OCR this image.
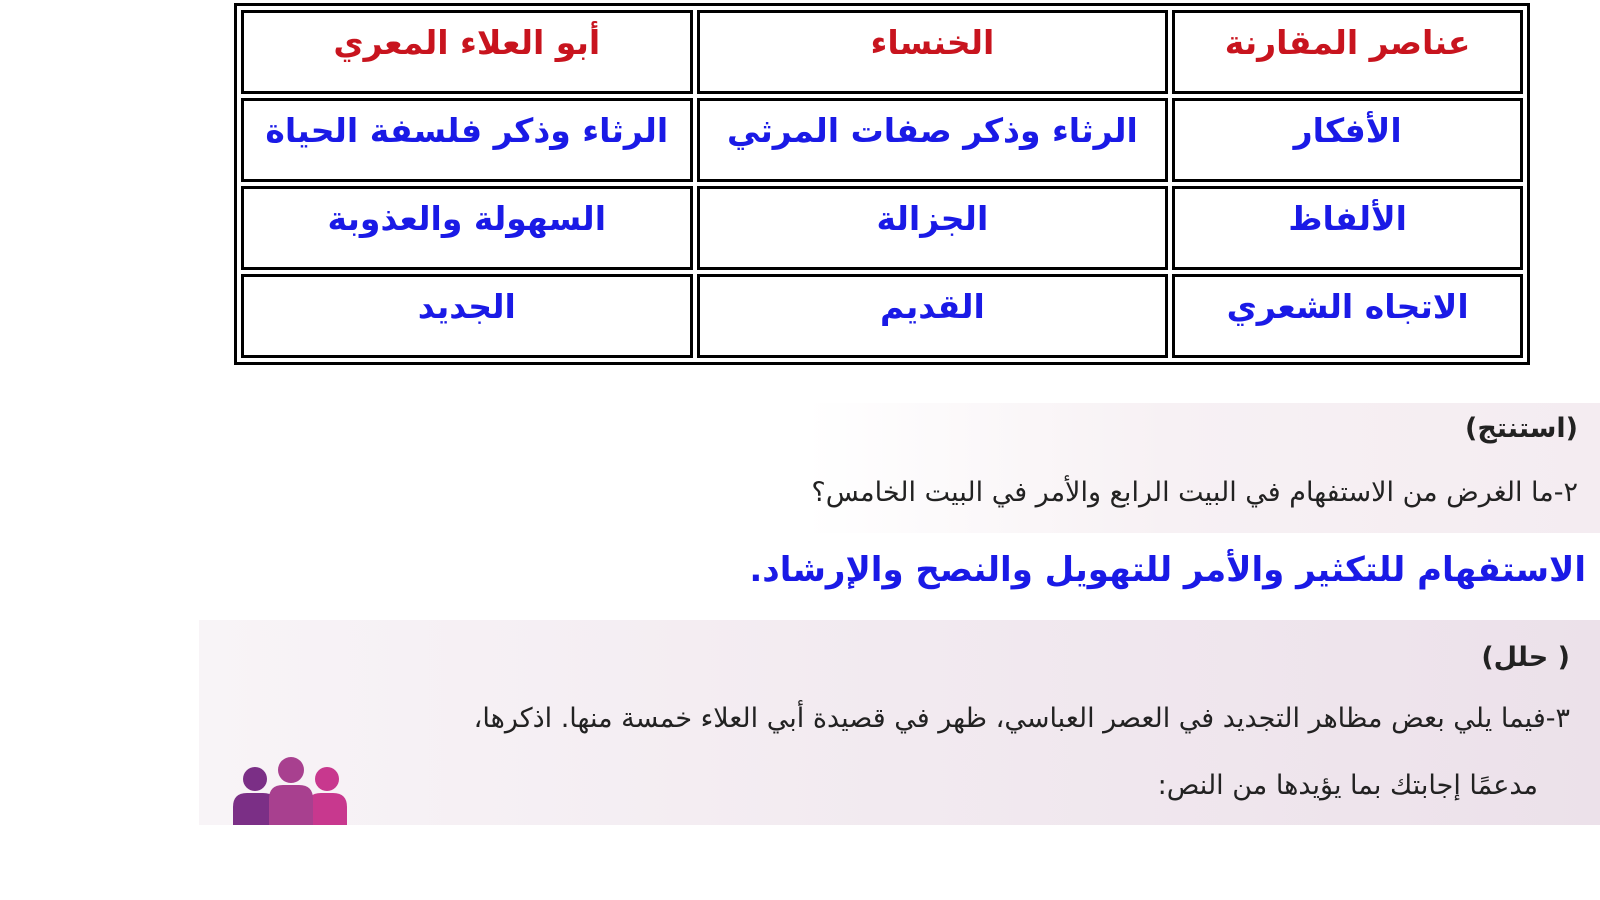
عناصر المقارنة	الخنساء	أبو العلاء المعري
الأفكار	الرثاء وذكر صفات المرثي	الرثاء وذكر فلسفة الحياة
الألفاظ	الجزالة	السهولة والعذوبة
الاتجاه الشعري	القديم	الجديد
(استنتج)
٢-ما الغرض من الاستفهام في البيت الرابع والأمر في البيت الخامس؟
الاستفهام للتكثير والأمر للتهويل والنصح والإرشاد.
(حلل )
٣-فيما يلي بعض مظاهر التجديد في العصر العباسي، ظهر في قصيدة أبي العلاء خمسة منها. اذكرها،
مدعمًا إجابتك بما يؤيدها من النص:
